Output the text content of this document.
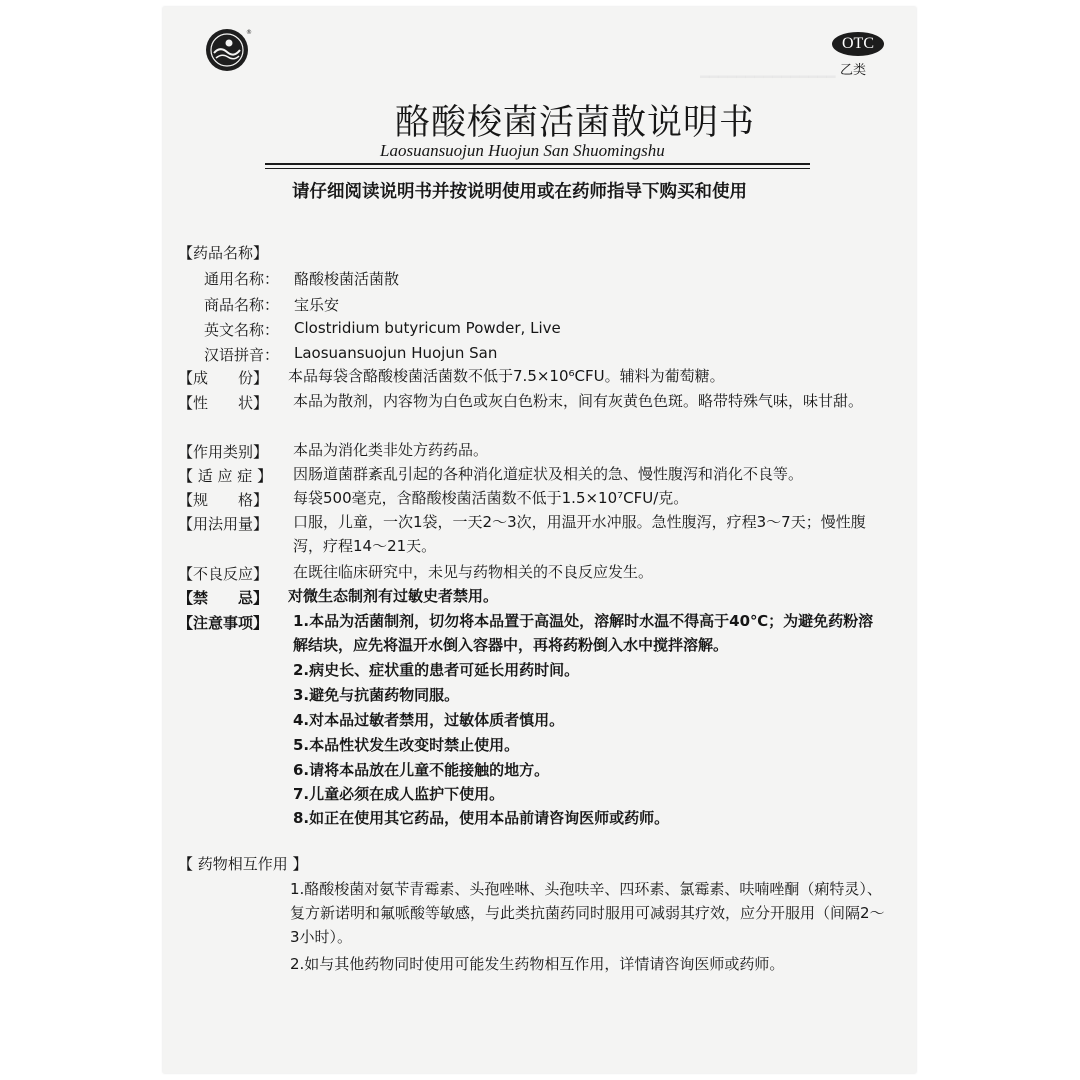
━━━━━━━━━━━━━━━
®
OTC
乙类
酪酸梭菌活菌散说明书
Laosuansuojun Huojun San Shuomingshu
请仔细阅读说明书并按说明使用或在药师指导下购买和使用
【药品名称】
通用名称： 酪酸梭菌活菌散
商品名称： 宝乐安
英文名称： Clostridium butyricum Powder, Live
汉语拼音： Laosuansuojun Huojun San
【成　　份】 本品每袋含酪酸梭菌活菌数不低于7.5×10⁶CFU。辅料为葡萄糖。
【性　　状】 本品为散剂，内容物为白色或灰白色粉末，间有灰黄色色斑。略带特殊气味，味甘甜。
【作用类别】 本品为消化类非处方药药品。
【 适 应 症 】 因肠道菌群紊乱引起的各种消化道症状及相关的急、慢性腹泻和消化不良等。
【规　　格】 每袋500毫克，含酪酸梭菌活菌数不低于1.5×10⁷CFU/克。
【用法用量】 口服，儿童，一次1袋，一天2～3次，用温开水冲服。急性腹泻，疗程3～7天；慢性腹泻，疗程14～21天。
【不良反应】 在既往临床研究中，未见与药物相关的不良反应发生。
【禁　　忌】 对微生态制剂有过敏史者禁用。
【注意事项】 1.本品为活菌制剂，切勿将本品置于高温处，溶解时水温不得高于40℃；为避免药粉溶解结块，应先将温开水倒入容器中，再将药粉倒入水中搅拌溶解。
2.病史长、症状重的患者可延长用药时间。
3.避免与抗菌药物同服。
4.对本品过敏者禁用，过敏体质者慎用。
5.本品性状发生改变时禁止使用。
6.请将本品放在儿童不能接触的地方。
7.儿童必须在成人监护下使用。
8.如正在使用其它药品，使用本品前请咨询医师或药师。
【 药物相互作用 】
1.酪酸梭菌对氨苄青霉素、头孢唑啉、头孢呋辛、四环素、氯霉素、呋喃唑酮（痢特灵）、复方新诺明和氟哌酸等敏感，与此类抗菌药同时服用可减弱其疗效，应分开服用（间隔2～3小时）。
2.如与其他药物同时使用可能发生药物相互作用，详情请咨询医师或药师。
